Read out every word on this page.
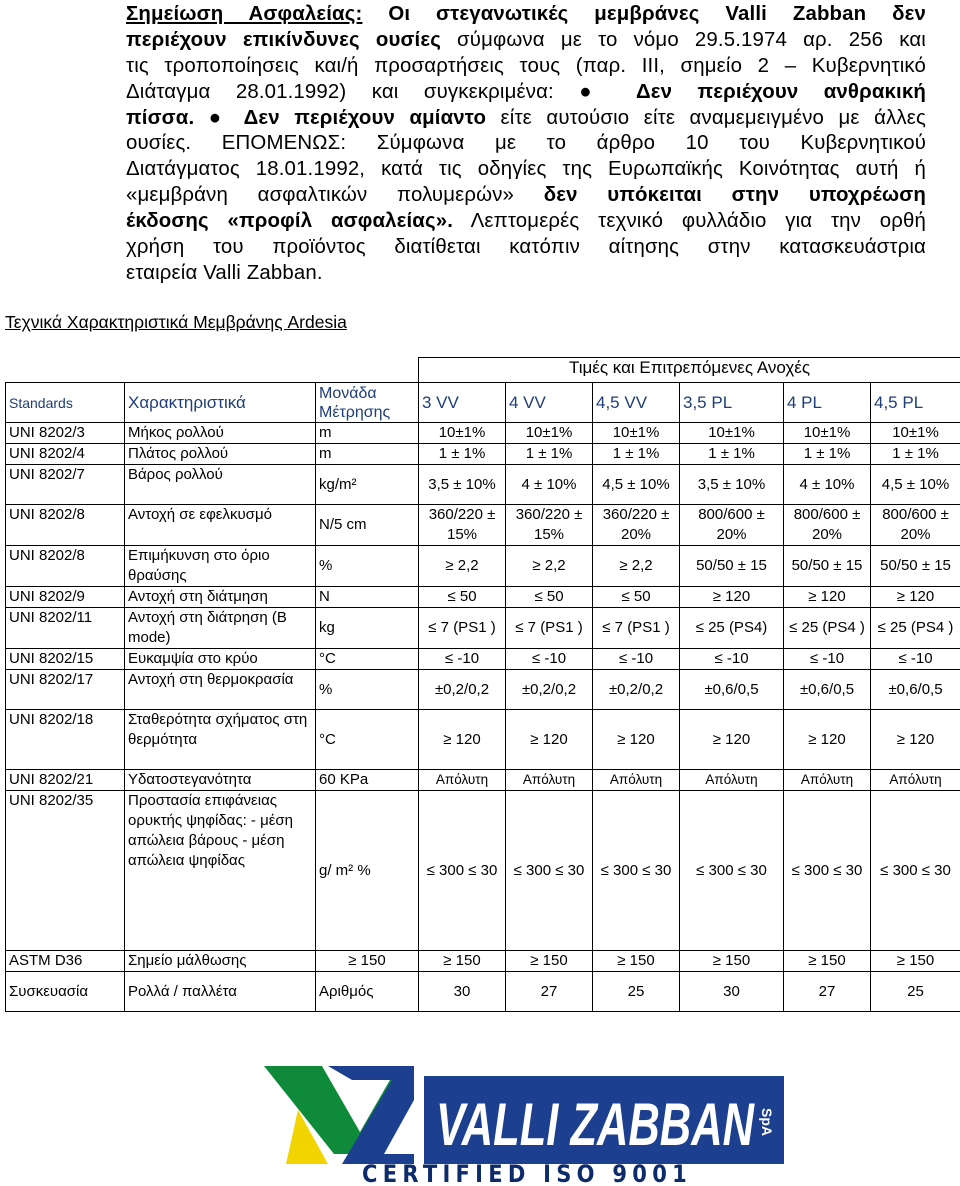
Σημείωση Ασφαλείας: Οι στεγανωτικές μεμβράνες Valli Zabban δεν
περιέχουν επικίνδυνες ουσίες σύμφωνα με το νόμο 29.5.1974 αρ. 256 και
τις τροποποίησεις και/ή προσαρτήσεις τους (παρ. III, σημείο 2 – Κυβερνητικό
Διάταγμα 28.01.1992) και συγκεκριμένα: ● Δεν περιέχουν ανθρακική
πίσσα. ● Δεν περιέχουν αμίαντο είτε αυτούσιο είτε αναμεμειγμένο με άλλες
ουσίες. ΕΠΟΜΕΝΩΣ: Σύμφωνα με το άρθρο 10 του Κυβερνητικού
Διατάγματος 18.01.1992, κατά τις οδηγίες της Ευρωπαϊκής Κοινότητας αυτή ή
«μεμβράνη ασφαλτικών πολυμερών» δεν υπόκειται στην υποχρέωση
έκδοσης «προφίλ ασφαλείας». Λεπτομερές τεχνικό φυλλάδιο για την ορθή
χρήση του προϊόντος διατίθεται κατόπιν αίτησης στην κατασκευάστρια
εταιρεία Valli Zabban.
Τεχνικά Χαρακτηριστικά Μεμβράνης Ardesia
			Τιμές και Επιτρεπόμενες Ανοχές					
Standards	Χαρακτηριστικά	Μονάδα Μέτρησης	3 VV	4 VV	4,5 VV	3,5 PL	4 PL	4,5 PL
UNI 8202/3	Μήκος ρολλού	m	10±1%	10±1%	10±1%	10±1%	10±1%	10±1%
UNI 8202/4	Πλάτος ρολλού	m	1 ± 1%	1 ± 1%	1 ± 1%	1 ± 1%	1 ± 1%	1 ± 1%
UNI 8202/7	Βάρος ρολλού	kg/m²	3,5 ± 10%	4 ± 10%	4,5 ± 10%	3,5 ± 10%	4 ± 10%	4,5 ± 10%
UNI 8202/8	Αντοχή σε εφελκυσμό	N/5 cm	360/220 ± 15%	360/220 ± 15%	360/220 ± 20%	800/600 ± 20%	800/600 ± 20%	800/600 ± 20%
UNI 8202/8	Επιμήκυνση στο όριο θραύσης	%	≥ 2,2	≥ 2,2	≥ 2,2	50/50 ± 15	50/50 ± 15	50/50 ± 15
UNI 8202/9	Αντοχή στη διάτμηση	N	≤ 50	≤ 50	≤ 50	≥ 120	≥ 120	≥ 120
UNI 8202/11	Αντοχή στη διάτρηση (B mode)	kg	≤ 7 (PS1 )	≤ 7 (PS1 )	≤ 7 (PS1 )	≤ 25 (PS4)	≤ 25 (PS4 )	≤ 25 (PS4 )
UNI 8202/15	Ευκαμψία στο κρύο	°C	≤ -10	≤ -10	≤ -10	≤ -10	≤ -10	≤ -10
UNI 8202/17	Αντοχή στη θερμοκρασία	%	±0,2/0,2	±0,2/0,2	±0,2/0,2	±0,6/0,5	±0,6/0,5	±0,6/0,5
UNI 8202/18	Σταθερότητα σχήματος στη θερμότητα	°C	≥ 120	≥ 120	≥ 120	≥ 120	≥ 120	≥ 120
UNI 8202/21	Υδατοστεγανότητα	60 KPa	Απόλυτη	Απόλυτη	Απόλυτη	Απόλυτη	Απόλυτη	Απόλυτη
UNI 8202/35	Προστασία επιφάνειας ορυκτής ψηφίδας: - μέση απώλεια βάρους - μέση απώλεια ψηφίδας	g/ m² %	≤ 300 ≤ 30	≤ 300 ≤ 30	≤ 300 ≤ 30	≤ 300 ≤ 30	≤ 300 ≤ 30	≤ 300 ≤ 30
ASTM D36	Σημείο μάλθωσης	≥ 150	≥ 150	≥ 150	≥ 150	≥ 150	≥ 150	≥ 150
Συσκευασία	Ρολλά / παλλέτα	Αριθμός	30	27	25	30	27	25
VALLI ZABBAN SpA
CERTIFIED ISO 9001
